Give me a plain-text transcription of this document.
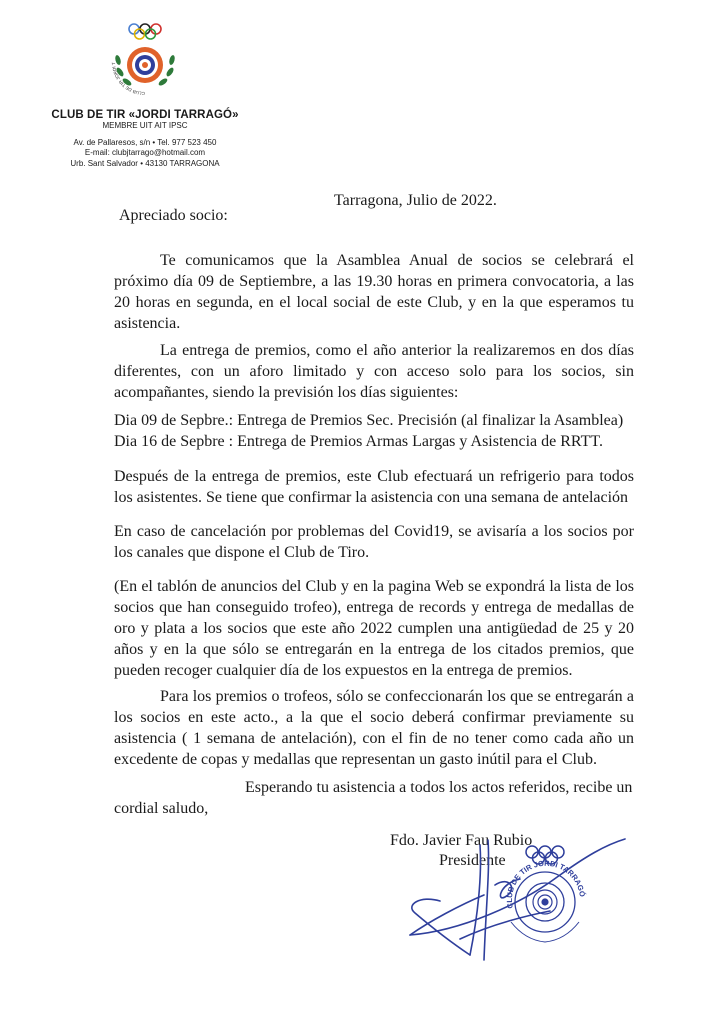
CLUB DE TIR JORDI T
CLUB DE TIR «JORDI TARRAGÓ»
MEMBRE UIT AIT IPSC
Av. de Pallaresos, s/n • Tel. 977 523 450
E-mail: clubjtarrago@hotmail.com
Urb. Sant Salvador • 43130 TARRAGONA
Tarragona, Julio de 2022.
Apreciado socio:

Te comunicamos que la Asamblea Anual de socios se celebrará el próximo día 09 de Septiembre, a las 19.30 horas en primera convocatoria, a las 20 horas en segunda, en el local social de este Club, y en la que esperamos tu asistencia.

La entrega de premios, como el año anterior la realizaremos en dos días diferentes, con un aforo limitado y con acceso solo para los socios, sin acompañantes, siendo la previsión los días siguientes:

Dia 09 de Sepbre.: Entrega de Premios Sec. Precisión (al finalizar la Asamblea)

Dia 16 de Sepbre : Entrega de Premios Armas Largas y Asistencia de RRTT.

Después de la entrega de premios, este Club efectuará un refrigerio para todos los asistentes. Se tiene que confirmar la asistencia con una semana de antelación

En caso de cancelación por problemas del Covid19, se avisaría a los socios por los canales que dispone el Club de Tiro.

(En el tablón de anuncios del Club y en la pagina Web se expondrá la lista de los socios que han conseguido trofeo), entrega de records y entrega de medallas de oro y plata a los socios que este año 2022 cumplen una antigüedad de 25 y 20 años y en la que sólo se entregarán en la entrega de los citados premios, que pueden recoger cualquier día de los expuestos en la entrega de premios.

Para los premios o trofeos, sólo se confeccionarán los que se entregarán a los socios en este acto., a la que el socio deberá confirmar previamente su asistencia ( 1 semana de antelación), con el fin de no tener como cada año un excedente de copas y medallas que representan un gasto inútil para el Club.

Esperando tu asistencia a todos los actos referidos, recibe un cordial saludo,

Fdo. Javier Fau Rubio
Presidente
CLUB DE TIR JORDI TARRAGÓ
